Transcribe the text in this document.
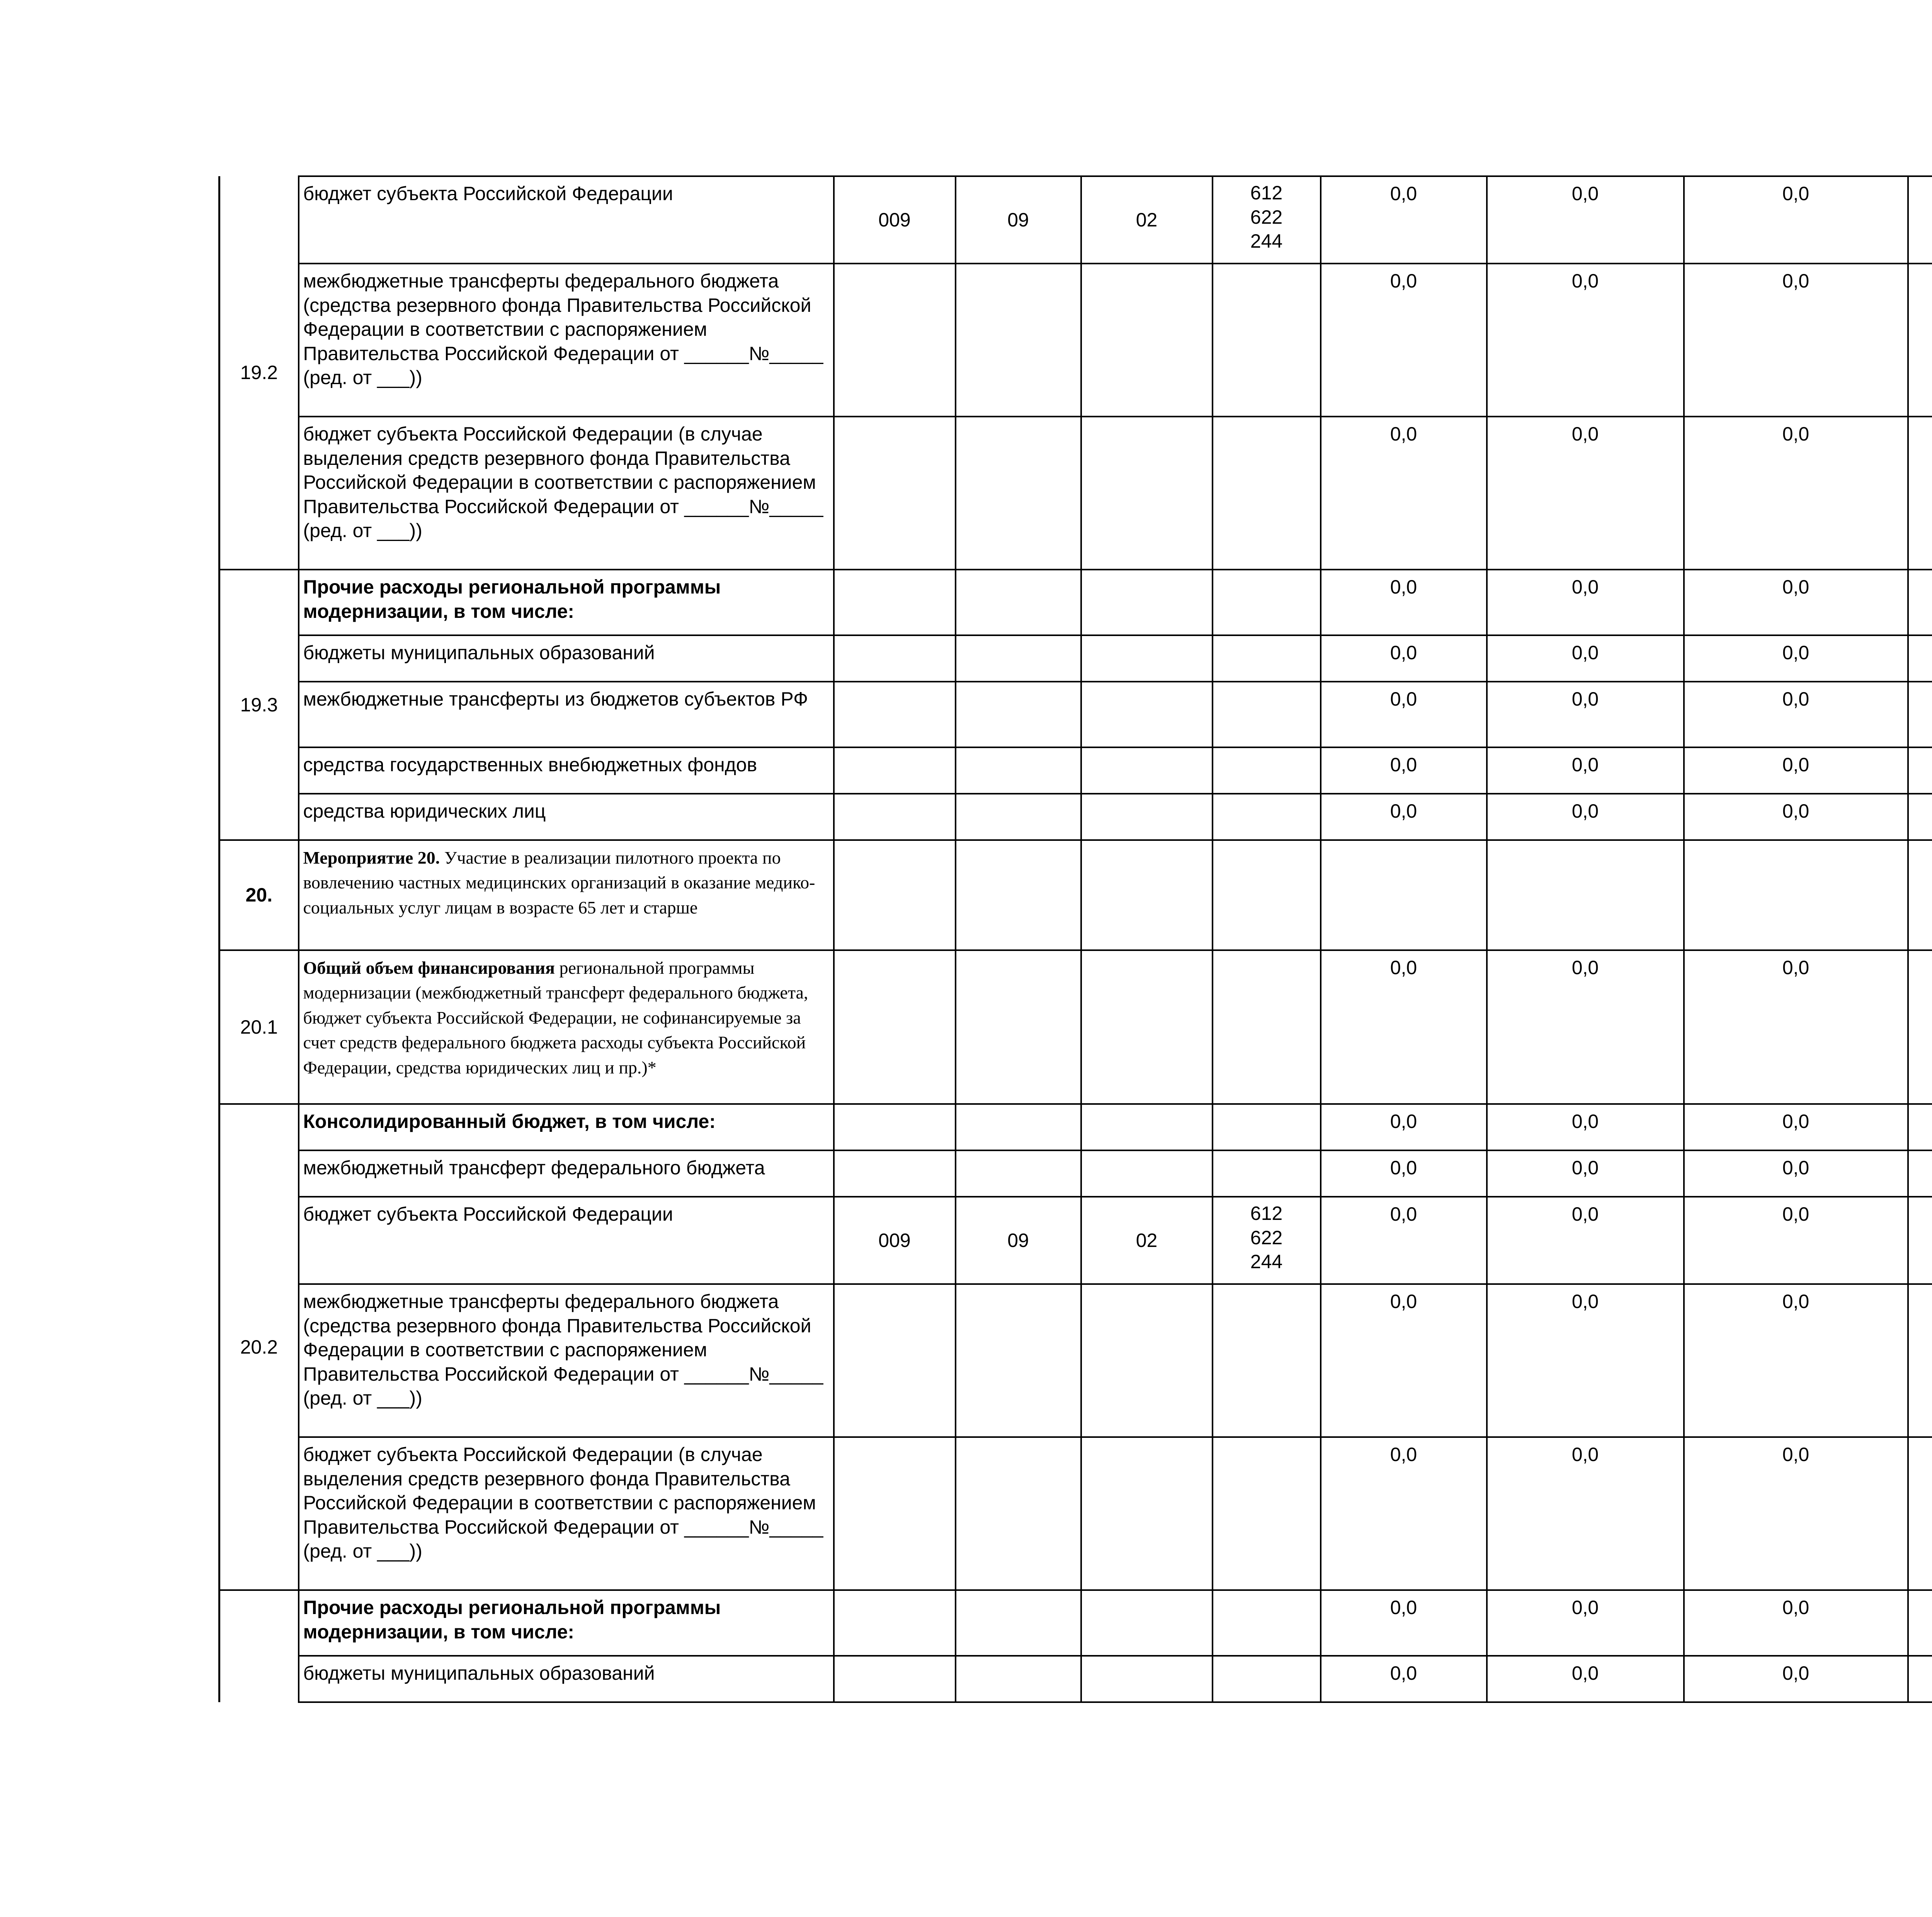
19.2	бюджет субъекта Российской Федерации	009	09	02	612
622
244	0,0	0,0	0,0			
	межбюджетные трансферты федерального бюджета (средства резервного фонда Правительства Российской Федерации в соответствии с распоряжением Правительства Российской Федерации от ______№_____ (ред. от ___))					0,0	0,0	0,0			
	бюджет субъекта Российской Федерации (в случае выделения средств резервного фонда Правительства Российской Федерации в соответствии с распоряжением Правительства Российской Федерации от ______№_____ (ред. от ___))					0,0	0,0	0,0			
19.3	Прочие расходы региональной программы модернизации, в том числе:					0,0	0,0	0,0			
	бюджеты муниципальных образований					0,0	0,0	0,0			
	межбюджетные трансферты из бюджетов субъектов РФ					0,0	0,0	0,0			
	средства государственных внебюджетных фондов					0,0	0,0	0,0			
	средства юридических лиц					0,0	0,0	0,0			
20.	Мероприятие 20. Участие в реализации пилотного проекта по вовлечению частных медицинских организаций в оказание медико-социальных услуг лицам в возрасте 65 лет и старше										
20.1	Общий объем финансирования региональной программы модернизации (межбюджетный трансферт федерального бюджета, бюджет субъекта Российской Федерации, не софинансируемые за счет средств федерального бюджета расходы субъекта Российской Федерации, средства юридических лиц и пр.)*					0,0	0,0	0,0			
20.2	Консолидированный бюджет, в том числе:					0,0	0,0	0,0			
	межбюджетный трансферт федерального бюджета					0,0	0,0	0,0			
	бюджет субъекта Российской Федерации	009	09	02	612
622
244	0,0	0,0	0,0			
	межбюджетные трансферты федерального бюджета (средства резервного фонда Правительства Российской Федерации в соответствии с распоряжением Правительства Российской Федерации от ______№_____ (ред. от ___))					0,0	0,0	0,0			
	бюджет субъекта Российской Федерации (в случае выделения средств резервного фонда Правительства Российской Федерации в соответствии с распоряжением Правительства Российской Федерации от ______№_____ (ред. от ___))					0,0	0,0	0,0			
	Прочие расходы региональной программы модернизации, в том числе:					0,0	0,0	0,0			
	бюджеты муниципальных образований					0,0	0,0	0,0			
